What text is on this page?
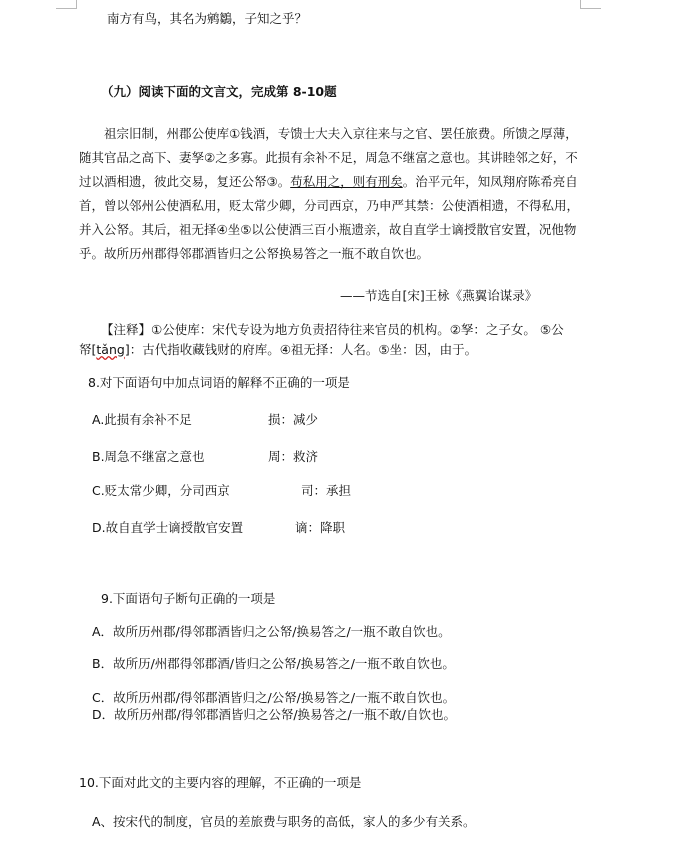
南方有鸟，其名为鹓鶵，子知之乎？
（九）阅读下面的文言文，完成第 8-10题
祖宗旧制，州郡公使库①钱酒，专馈士大夫入京往来与之官、罢任旅费。所馈之厚薄，
随其官品之高下、妻孥②之多寡。此损有余补不足，周急不继富之意也。其讲睦邻之好，不
过以酒相遗，彼此交易，复还公帑③。苟私用之，则有刑矣。治平元年，知凤翔府陈希亮自
首，曾以邻州公使酒私用，贬太常少卿，分司西京，乃申严其禁：公使酒相遗，不得私用，
并入公帑。其后，祖无择④坐⑤以公使酒三百小瓶遗亲，故自直学士谪授散官安置，况他物
乎。故所历州郡得邻郡酒皆归之公帑换易答之一瓶不敢自饮也。
——节选自[宋]王栐《燕翼诒谋录》
【注释】①公使库：宋代专设为地方负责招待往来官员的机构。②孥：之子女。 ⑤公
帑[tǎng]：古代指收藏钱财的府库。④祖无择：人名。⑤坐：因，由于。
8.对下面语句中加点词语的解释不正确的一项是
A.此损有余补不足	损：减少
B.周急不继富之意也	周：救济
C.贬太常少卿，分司西京	司：承担
D.故自直学士谪授散官安置	谪：降职
9.下面语句子断句正确的一项是
A．故所历州郡/得邻郡酒皆归之公帑/换易答之/一瓶不敢自饮也。
B．故所历/州郡得邻郡酒/皆归之公帑/换易答之/一瓶不敢自饮也。
C．故所历州郡/得邻郡酒皆归之/公帑/换易答之/一瓶不敢自饮也。
D．故所历州郡/得邻郡酒皆归之公帑/换易答之/一瓶不敢/自饮也。
10.下面对此文的主要内容的理解，不正确的一项是
A、按宋代的制度，官员的差旅费与职务的高低，家人的多少有关系。
